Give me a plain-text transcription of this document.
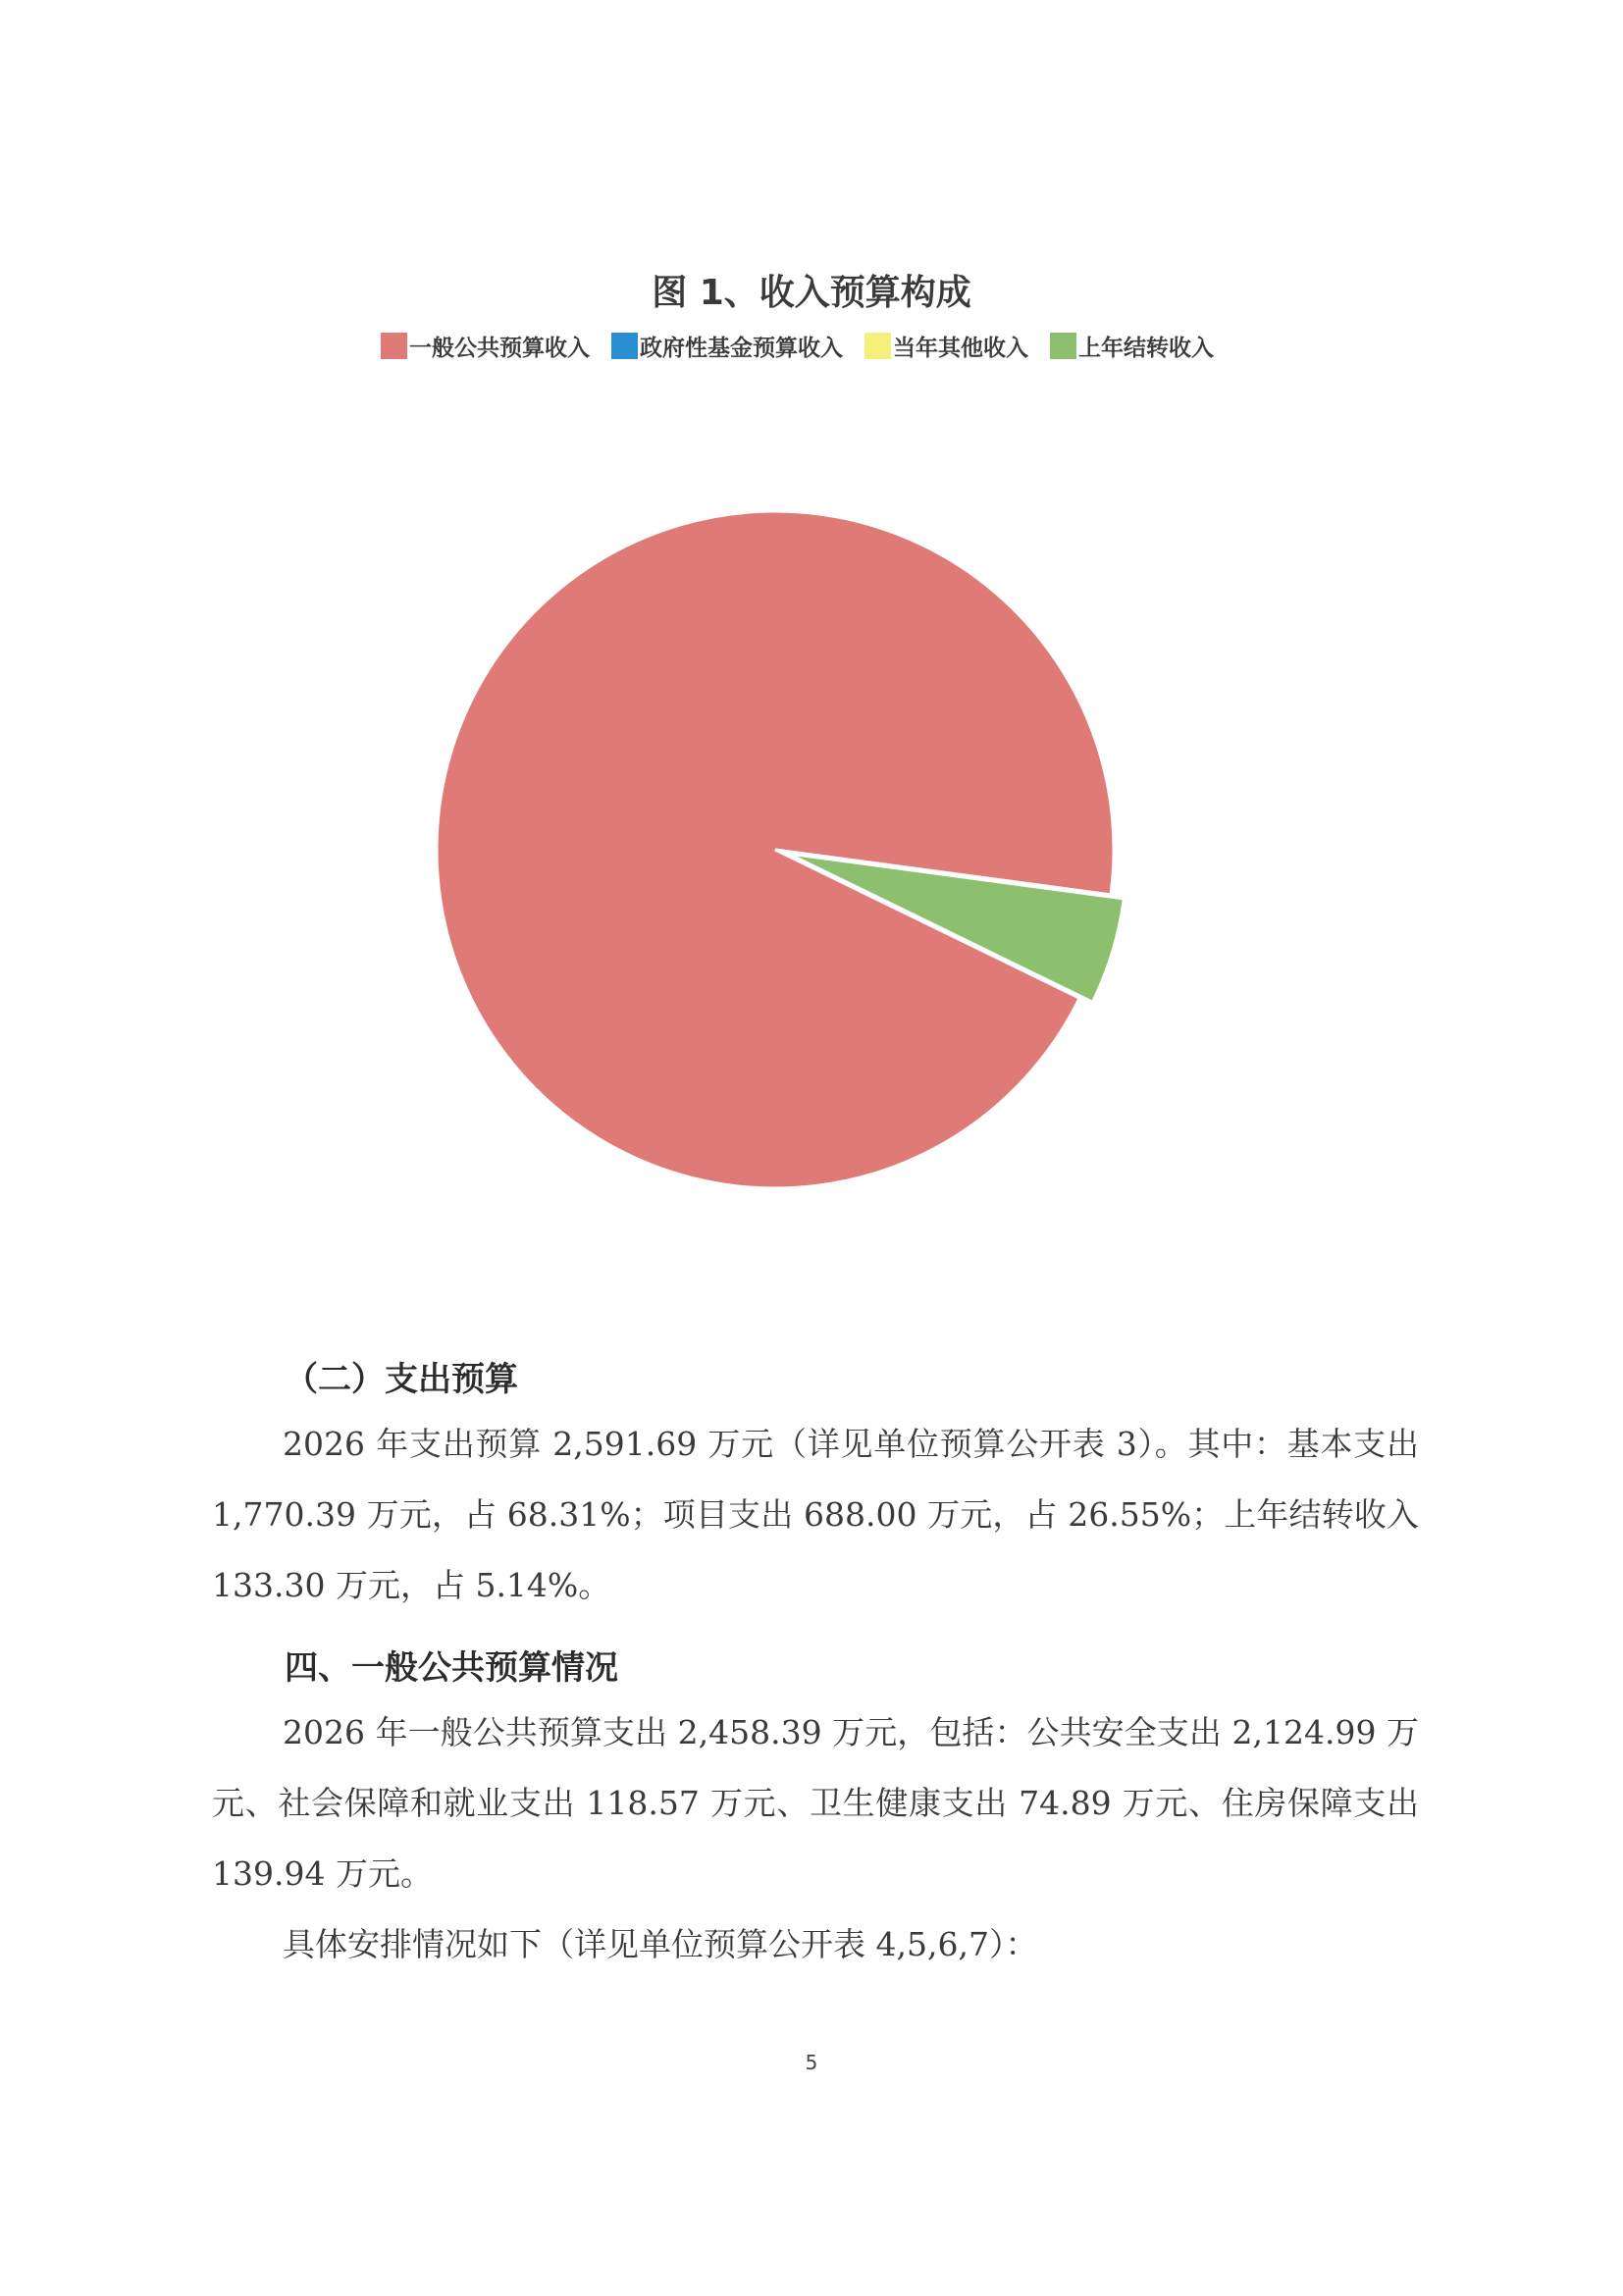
图 1、收入预算构成
一般公共预算收入 政府性基金预算收入 当年其他收入 上年结转收入
（二）支出预算

2026 年支出预算 2,591.69 万元（详见单位预算公开表 3）。其中：基本支出 1,770.39 万元，占 68.31%；项目支出 688.00 万元，占 26.55%；上年结转收入 133.30 万元，占 5.14%。

四、一般公共预算情况

2026 年一般公共预算支出 2,458.39 万元，包括：公共安全支出 2,124.99 万元、社会保障和就业支出 118.57 万元、卫生健康支出 74.89 万元、住房保障支出 139.94 万元。

具体安排情况如下（详见单位预算公开表 4,5,6,7）：

5
